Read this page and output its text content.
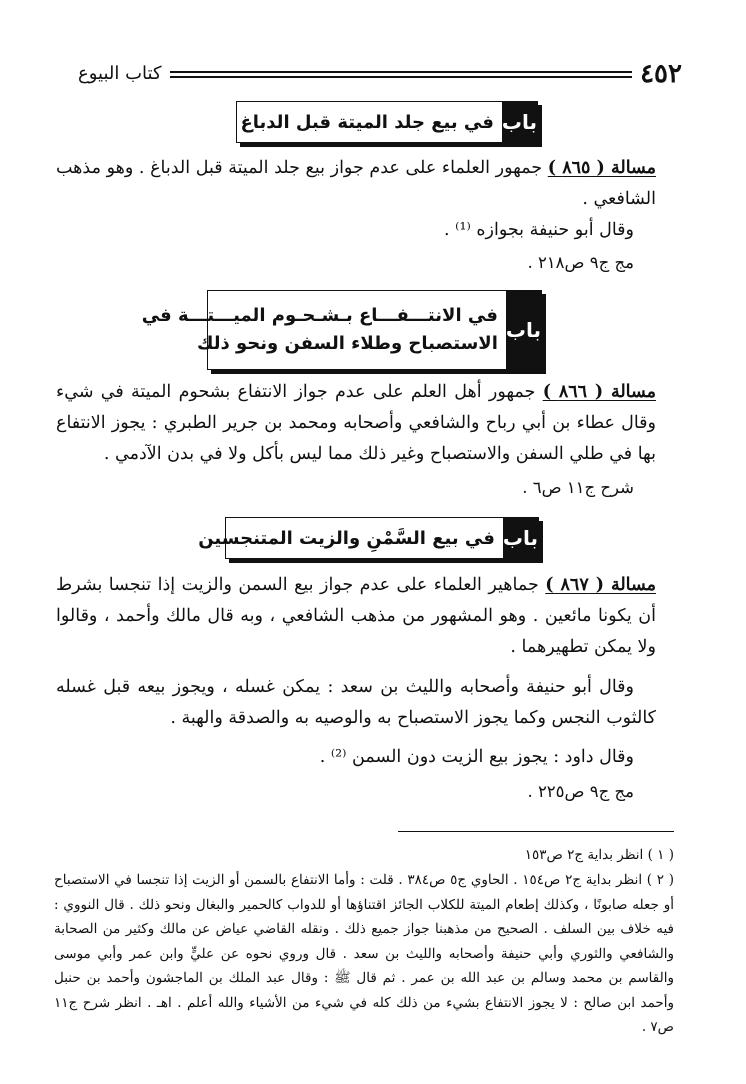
٤٥٢
كتاب البيوع
باب
في بيع جلد الميتة قبل الدباغ
مسالة ( ٨٦٥ ) جمهور العلماء على عدم جواز بيع جلد الميتة قبل الدباغ . وهو مذهب الشافعي .
وقال أبو حنيفة بجوازه ⁽¹⁾ .
مج ج٩ ص٢١٨ .
باب
في الانتـــفـــاع بـشـحـوم الميـــتـــة في
الاستصباح وطلاء السفن ونحو ذلك
مسالة ( ٨٦٦ ) جمهور أهل العلم على عدم جواز الانتفاع بشحوم الميتة في شيء وقال عطاء بن أبي رباح والشافعي وأصحابه ومحمد بن جرير الطبري : يجوز الانتفاع بها في طلي السفن والاستصباح وغير ذلك مما ليس بأكل ولا في بدن الآدمي .
شرح ج١١ ص٦ .
باب
في بيع السَّمْنِ والزيت المتنجسين
مسالة ( ٨٦٧ ) جماهير العلماء على عدم جواز بيع السمن والزيت إذا تنجسا بشرط أن يكونا مائعين . وهو المشهور من مذهب الشافعي ، وبه قال مالك وأحمد ، وقالوا ولا يمكن تطهيرهما .
وقال أبو حنيفة وأصحابه والليث بن سعد : يمكن غسله ، ويجوز بيعه قبل غسله كالثوب النجس وكما يجوز الاستصباح به والوصيه به والصدقة والهبة .
وقال داود : يجوز بيع الزيت دون السمن ⁽²⁾ .
مج ج٩ ص٢٢٥ .
( ١ ) انظر بداية ج٢ ص١٥٣
( ٢ ) انظر بداية ج٢ ص١٥٤ . الحاوي ج٥ ص٣٨٤ . قلت : وأما الانتفاع بالسمن أو الزيت إذا تنجسا في الاستصباح أو جعله صابونًا ، وكذلك إطعام الميتة للكلاب الجائز اقتناؤها أو للدواب كالحمير والبغال ونحو ذلك . قال النووي : فيه خلاف بين السلف . الصحيح من مذهبنا جواز جميع ذلك . ونقله القاضي عياض عن مالك وكثير من الصحابة والشافعي والثوري وأبي حنيفة وأصحابه والليث بن سعد . قال وروي نحوه عن عليٍّ وابن عمر وأبي موسى والقاسم بن محمد وسالم بن عبد الله بن عمر . ثم قال ﷺ : وقال عبد الملك بن الماجشون وأحمد بن حنبل وأحمد ابن صالح : لا يجوز الانتفاع بشيء من ذلك كله في شيء من الأشياء والله أعلم . اهـ . انظر شرح ج١١ ص٧ .
